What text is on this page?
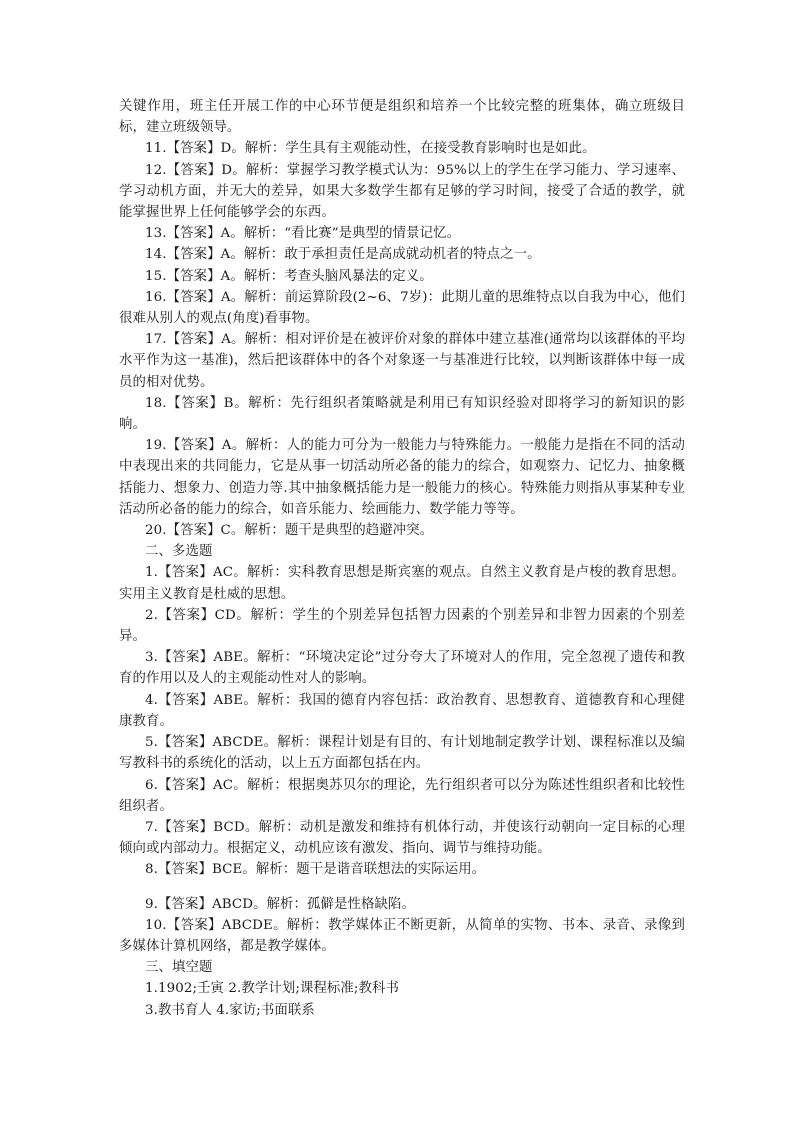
关键作用，班主任开展工作的中心环节便是组织和培养一个比较完整的班集体，确立班级目标，建立班级领导。

11.【答案】D。解析：学生具有主观能动性，在接受教育影响时也是如此。

12.【答案】D。解析：掌握学习教学模式认为：95%以上的学生在学习能力、学习速率、学习动机方面，并无大的差异，如果大多数学生都有足够的学习时间，接受了合适的教学，就能掌握世界上任何能够学会的东西。

13.【答案】A。解析：“看比赛”是典型的情景记忆。

14.【答案】A。解析：敢于承担责任是高成就动机者的特点之一。

15.【答案】A。解析：考查头脑风暴法的定义。

16.【答案】A。解析：前运算阶段(2~6、7岁)：此期儿童的思维特点以自我为中心，他们很难从别人的观点(角度)看事物。

17.【答案】A。解析：相对评价是在被评价对象的群体中建立基准(通常均以该群体的平均水平作为这一基准)，然后把该群体中的各个对象逐一与基准进行比较，以判断该群体中每一成员的相对优势。

18.【答案】B。解析：先行组织者策略就是利用已有知识经验对即将学习的新知识的影响。

19.【答案】A。解析：人的能力可分为一般能力与特殊能力。一般能力是指在不同的活动中表现出来的共同能力，它是从事一切活动所必备的能力的综合，如观察力、记忆力、抽象概括能力、想象力、创造力等.其中抽象概括能力是一般能力的核心。特殊能力则指从事某种专业活动所必备的能力的综合，如音乐能力、绘画能力、数学能力等等。

20.【答案】C。解析：题干是典型的趋避冲突。

二、多选题

1.【答案】AC。解析：实科教育思想是斯宾塞的观点。自然主义教育是卢梭的教育思想。实用主义教育是杜威的思想。

2.【答案】CD。解析：学生的个别差异包括智力因素的个别差异和非智力因素的个别差异。

3.【答案】ABE。解析：“环境决定论”过分夸大了环境对人的作用，完全忽视了遗传和教育的作用以及人的主观能动性对人的影响。

4.【答案】ABE。解析：我国的德育内容包括：政治教育、思想教育、道德教育和心理健康教育。

5.【答案】ABCDE。解析：课程计划是有目的、有计划地制定教学计划、课程标准以及编写教科书的系统化的活动，以上五方面都包括在内。

6.【答案】AC。解析：根据奥苏贝尔的理论，先行组织者可以分为陈述性组织者和比较性组织者。

7.【答案】BCD。解析：动机是激发和维持有机体行动，并使该行动朝向一定目标的心理倾向或内部动力。根据定义，动机应该有激发、指向、调节与维持功能。

8.【答案】BCE。解析：题干是谐音联想法的实际运用。

9.【答案】ABCD。解析：孤僻是性格缺陷。

10.【答案】ABCDE。解析：教学媒体正不断更新，从简单的实物、书本、录音、录像到多媒体计算机网络，都是教学媒体。

三、填空题

1.1902;壬寅 2.教学计划;课程标准;教科书

3.教书育人 4.家访;书面联系
